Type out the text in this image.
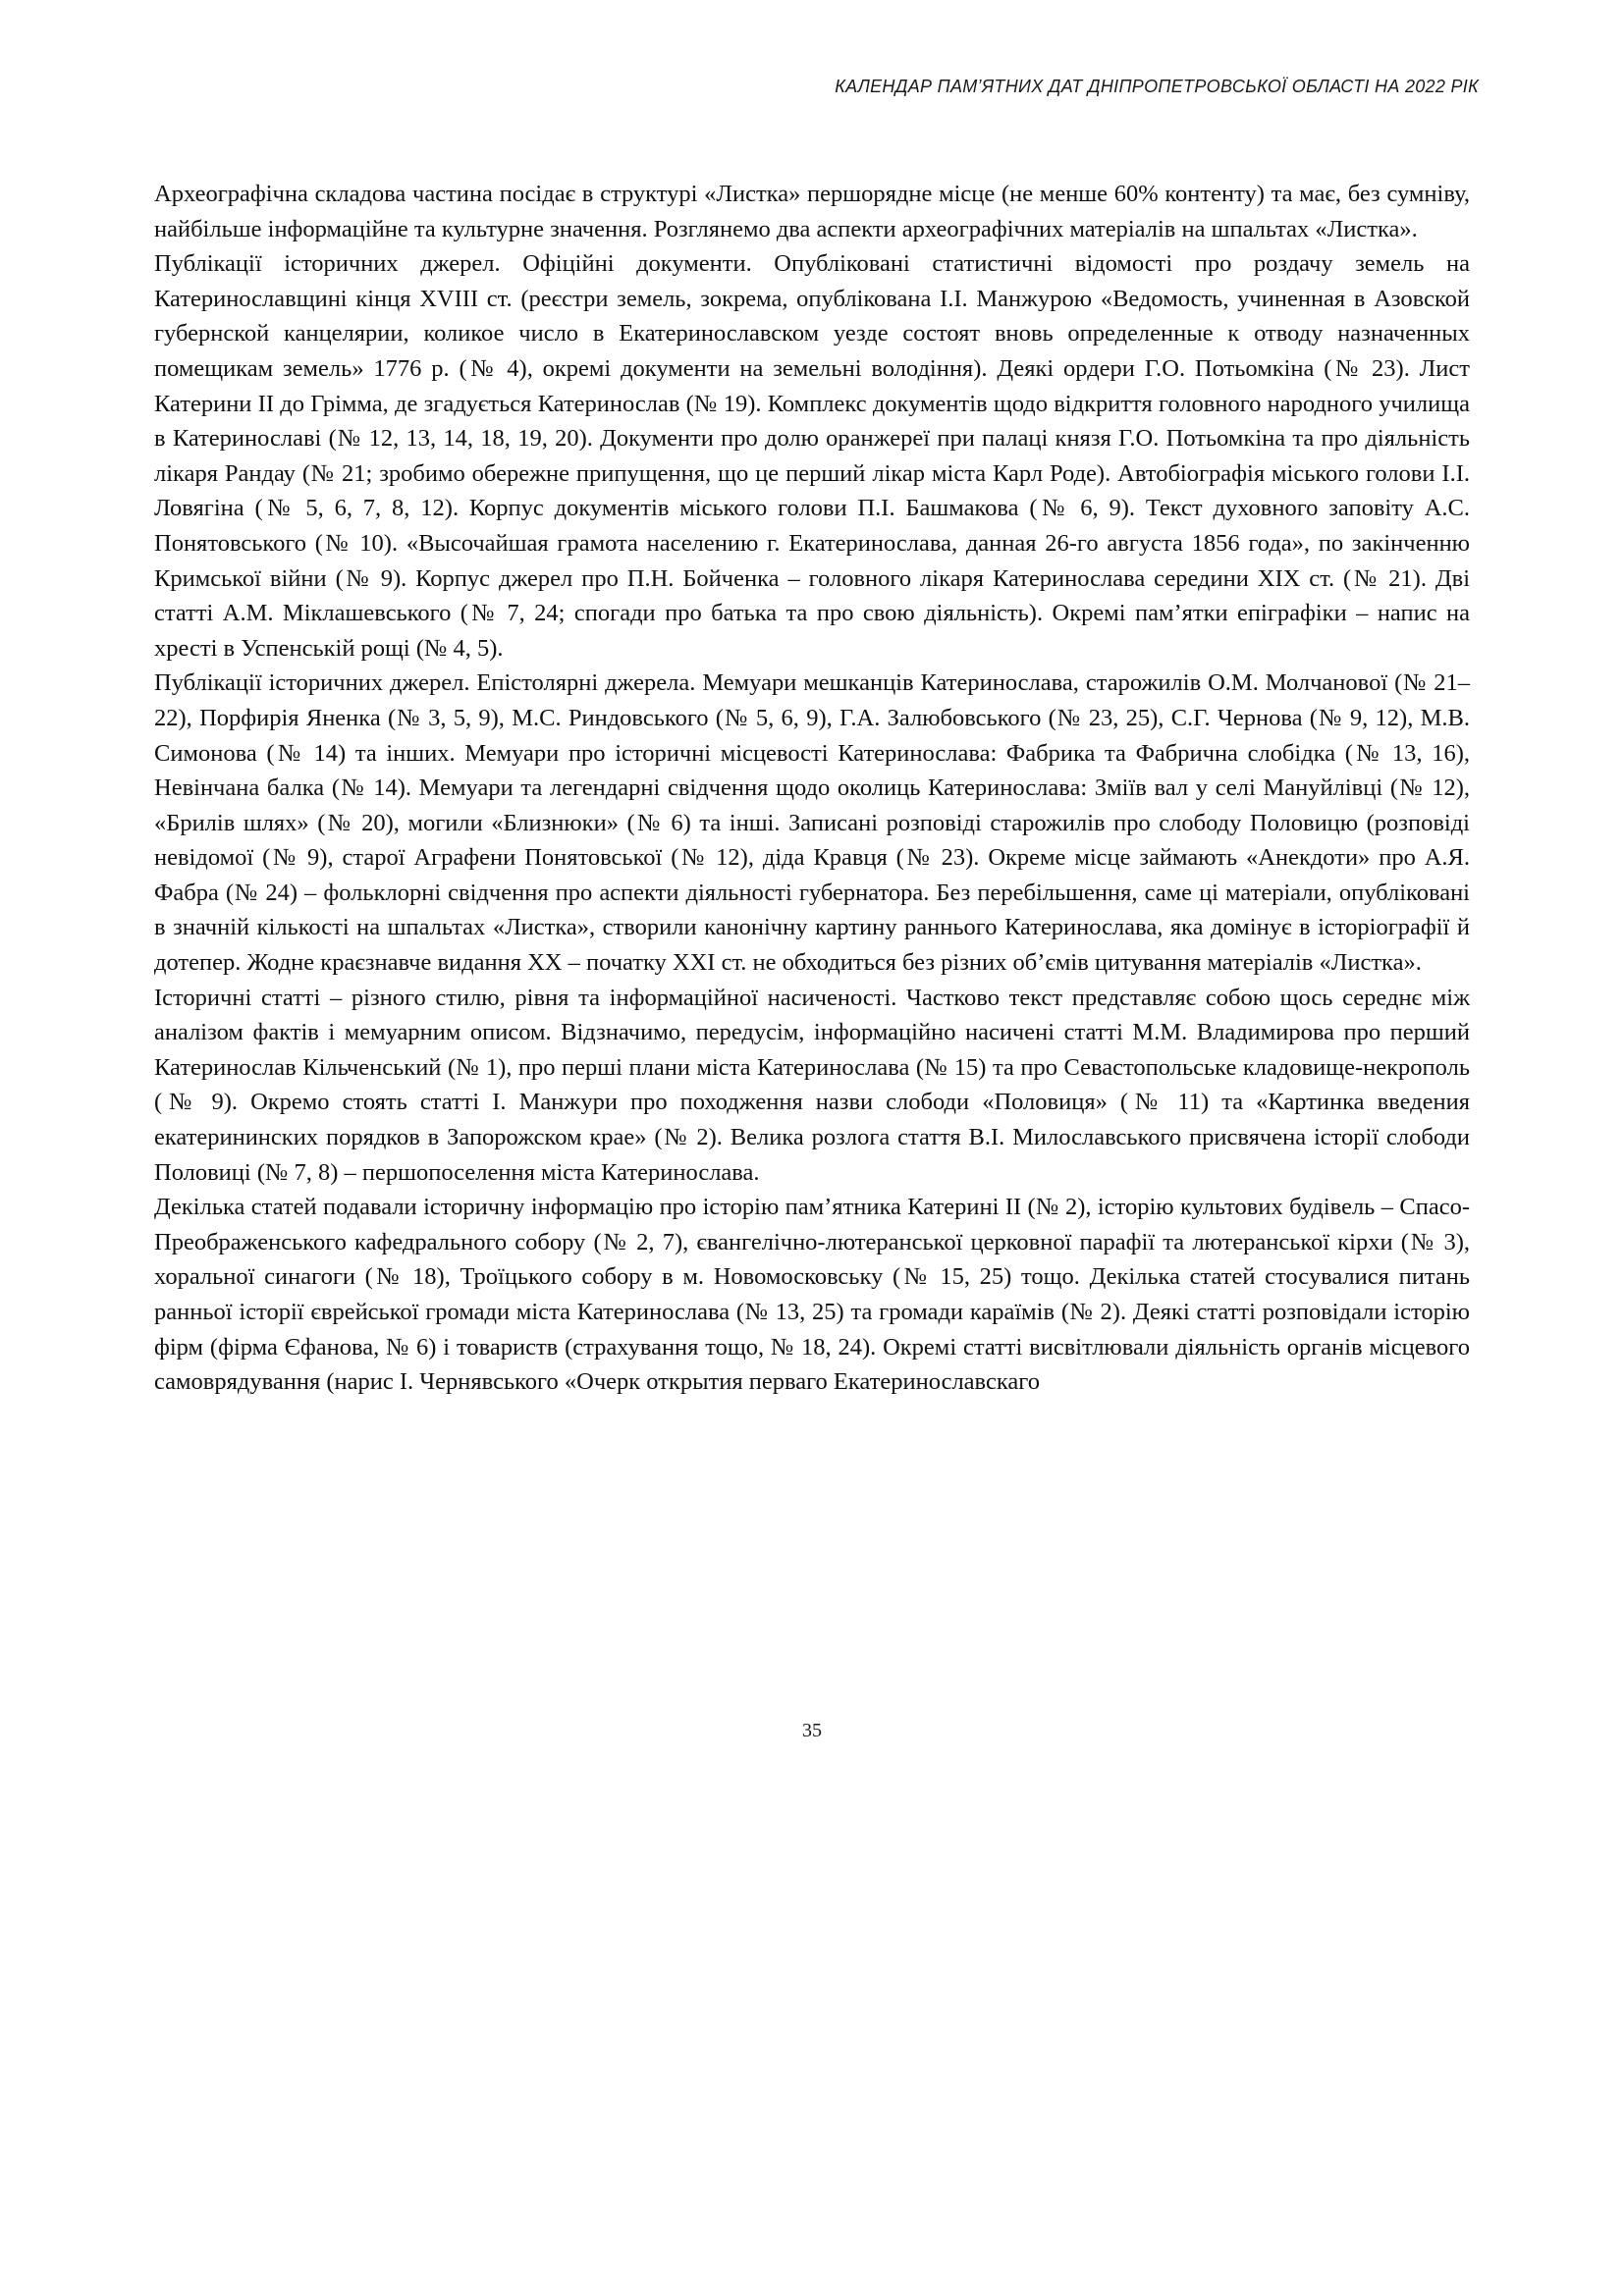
КАЛЕНДАР ПАМ’ЯТНИХ ДАТ ДНІПРОПЕТРОВСЬКОЇ ОБЛАСТІ НА 2022 РІК

Археографічна складова частина посідає в структурі «Листка» першорядне місце (не менше 60% контенту) та має, без сумніву, найбільше інформаційне та культурне значення. Розглянемо два аспекти археографічних матеріалів на шпальтах «Листка».

Публікації історичних джерел. Офіційні документи. Опубліковані статистичні відомості про роздачу земель на Катеринославщині кінця XVIII ст. (реєстри земель, зокрема, опублікована І.І. Манжурою «Ведомость, учиненная в Азовской губернской канцелярии, коликое число в Екатеринославском уезде состоят вновь определенные к отводу назначенных помещикам земель» 1776 р. (№ 4), окремі документи на земельні володіння). Деякі ордери Г.О. Потьомкіна (№ 23). Лист Катерини ІІ до Грімма, де згадується Катеринослав (№ 19). Комплекс документів щодо відкриття головного народного училища в Катеринославі (№ 12, 13, 14, 18, 19, 20). Документи про долю оранжереї при палаці князя Г.О. Потьомкіна та про діяльність лікаря Рандау (№ 21; зробимо обережне припущення, що це перший лікар міста Карл Роде). Автобіографія міського голови І.І. Ловягіна (№ 5, 6, 7, 8, 12). Корпус документів міського голови П.І. Башмакова (№ 6, 9). Текст духовного заповіту А.С. Понятовського (№ 10). «Высочайшая грамота населению г. Екатеринослава, данная 26-го августа 1856 года», по закінченню Кримської війни (№ 9). Корпус джерел про П.Н. Бойченка – головного лікаря Катеринослава середини XIX ст. (№ 21). Дві статті А.М. Міклашевського (№ 7, 24; спогади про батька та про свою діяльність). Окремі пам’ятки епіграфіки – напис на хресті в Успенській рощі (№ 4, 5).

Публікації історичних джерел. Епістолярні джерела. Мемуари мешканців Катеринослава, старожилів О.М. Молчанової (№ 21–22), Порфирія Яненка (№ 3, 5, 9), М.С. Риндовського (№ 5, 6, 9), Г.А. Залюбовського (№ 23, 25), С.Г. Чернова (№ 9, 12), М.В. Симонова (№ 14) та інших. Мемуари про історичні місцевості Катеринослава: Фабрика та Фабрична слобідка (№ 13, 16), Невінчана балка (№ 14). Мемуари та легендарні свідчення щодо околиць Катеринослава: Зміїв вал у селі Мануйлівці (№ 12), «Брилів шлях» (№ 20), могили «Близнюки» (№ 6) та інші. Записані розповіді старожилів про слободу Половицю (розповіді невідомої (№ 9), старої Аграфени Понятовської (№ 12), діда Кравця (№ 23). Окреме місце займають «Анекдоти» про А.Я. Фабра (№ 24) – фольклорні свідчення про аспекти діяльності губернатора. Без перебільшення, саме ці матеріали, опубліковані в значній кількості на шпальтах «Листка», створили канонічну картину раннього Катеринослава, яка домінує в історіографії й дотепер. Жодне краєзнавче видання XX – початку XXI ст. не обходиться без різних об’ємів цитування матеріалів «Листка».

Історичні статті – різного стилю, рівня та інформаційної насиченості. Частково текст представляє собою щось середнє між аналізом фактів і мемуарним описом. Відзначимо, передусім, інформаційно насичені статті М.М. Владимирова про перший Катеринослав Кільченський (№ 1), про перші плани міста Катеринослава (№ 15) та про Севастопольське кладовище-некрополь (№ 9). Окремо стоять статті І. Манжури про походження назви слободи «Половиця» (№ 11) та «Картинка введения екатерининских порядков в Запорожском крае» (№ 2). Велика розлога стаття В.І. Милославського присвячена історії слободи Половиці (№ 7, 8) – першопоселення міста Катеринослава.

Декілька статей подавали історичну інформацію про історію пам’ятника Катерині ІІ (№ 2), історію культових будівель – Спасо-Преображенського кафедрального собору (№ 2, 7), євангелічно-лютеранської церковної парафії та лютеранської кірхи (№ 3), хоральної синагоги (№ 18), Троїцького собору в м. Новомосковську (№ 15, 25) тощо. Декілька статей стосувалися питань ранньої історії єврейської громади міста Катеринослава (№ 13, 25) та громади караїмів (№ 2). Деякі статті розповідали історію фірм (фірма Єфанова, № 6) і товариств (страхування тощо, № 18, 24). Окремі статті висвітлювали діяльність органів місцевого самоврядування (нарис І. Чернявського «Очерк открытия перваго Екатеринославскаго

35
